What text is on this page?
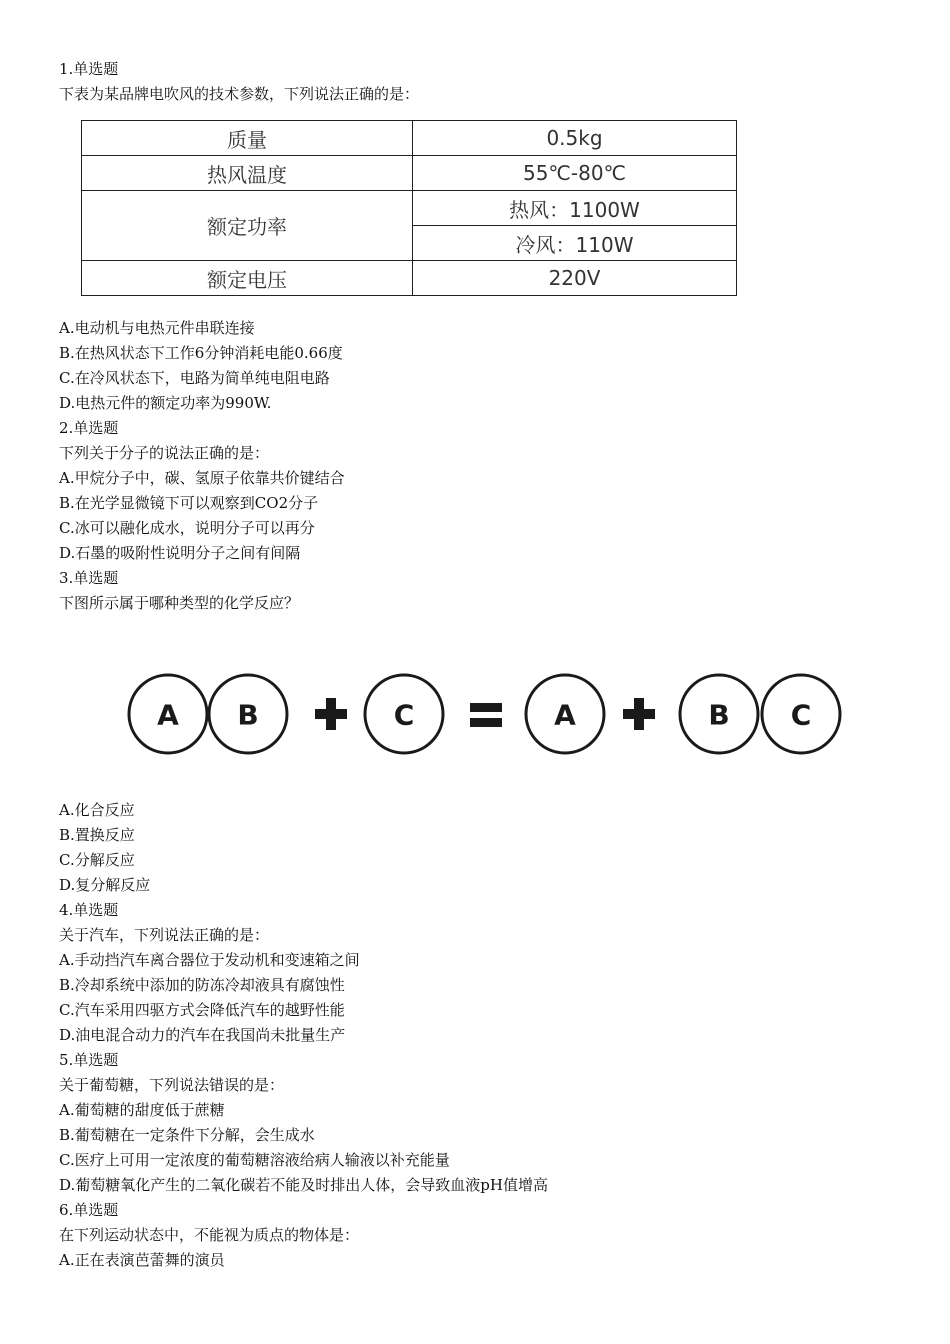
1.单选题
下表为某品牌电吹风的技术参数，下列说法正确的是：
质量	0.5kg
热风温度	55℃-80℃
额定功率	热风：1100W
	冷风：110W
额定电压	220V
A.电动机与电热元件串联连接
B.在热风状态下工作6分钟消耗电能0.66度
C.在冷风状态下，电路为简单纯电阻电路
D.电热元件的额定功率为990W.
2.单选题
下列关于分子的说法正确的是：
A.甲烷分子中，碳、氢原子依靠共价键结合
B.在光学显微镜下可以观察到CO2分子
C.冰可以融化成水，说明分子可以再分
D.石墨的吸附性说明分子之间有间隔
3.单选题
下图所示属于哪种类型的化学反应？
A B	C	A	B C
A.化合反应
B.置换反应
C.分解反应
D.复分解反应
4.单选题
关于汽车，下列说法正确的是：
A.手动挡汽车离合器位于发动机和变速箱之间
B.冷却系统中添加的防冻冷却液具有腐蚀性
C.汽车采用四驱方式会降低汽车的越野性能
D.油电混合动力的汽车在我国尚未批量生产
5.单选题
关于葡萄糖，下列说法错误的是：
A.葡萄糖的甜度低于蔗糖
B.葡萄糖在一定条件下分解，会生成水
C.医疗上可用一定浓度的葡萄糖溶液给病人输液以补充能量
D.葡萄糖氧化产生的二氧化碳若不能及时排出人体，会导致血液pH值增高
6.单选题
在下列运动状态中，不能视为质点的物体是：
A.正在表演芭蕾舞的演员
